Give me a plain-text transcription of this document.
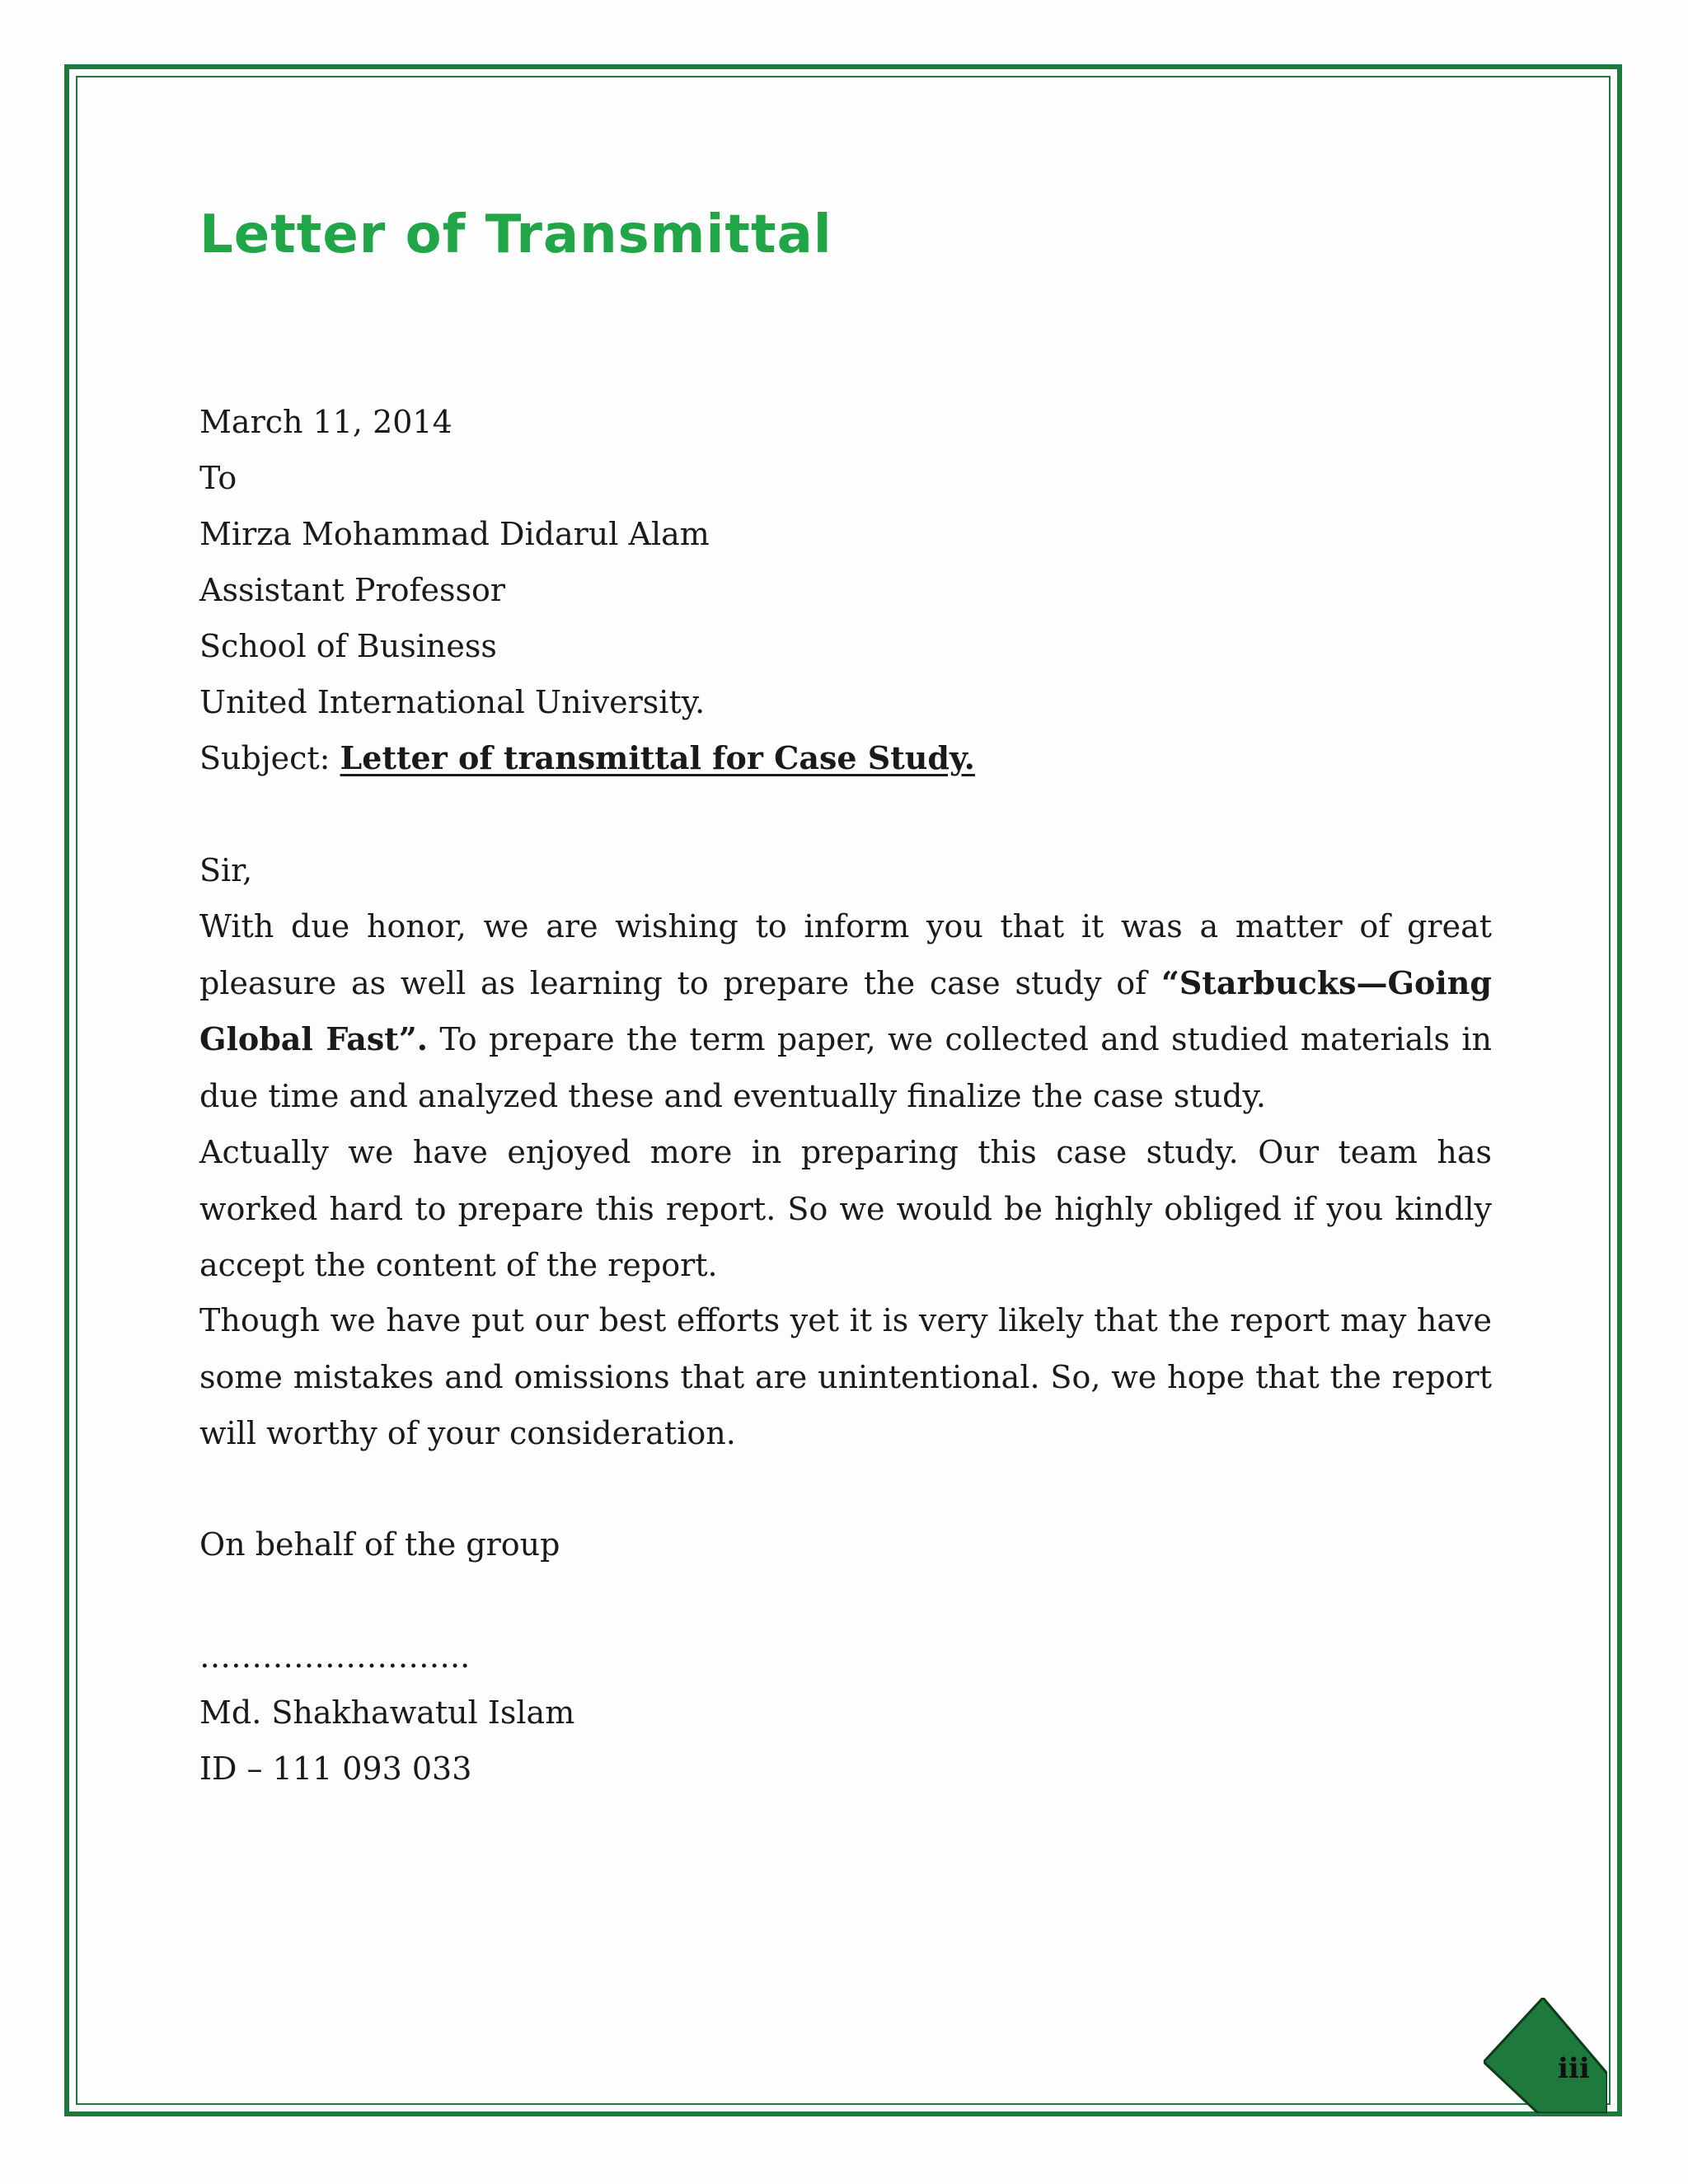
Letter of Transmittal

March 11, 2014

To

Mirza Mohammad Didarul Alam

Assistant Professor

School of Business

United International University.

Subject: Letter of transmittal for Case Study.

Sir,

With due honor, we are wishing to inform you that it was a matter of great pleasure as well as learning to prepare the case study of “Starbucks—Going Global Fast”. To prepare the term paper, we collected and studied materials in due time and analyzed these and eventually finalize the case study.

Actually we have enjoyed more in preparing this case study. Our team has worked hard to prepare this report. So we would be highly obliged if you kindly accept the content of the report.

Though we have put our best efforts yet it is very likely that the report may have some mistakes and omissions that are unintentional. So, we hope that the report will worthy of your consideration.

On behalf of the group

……………………..

Md. Shakhawatul Islam

ID – 111 093 033

iii
